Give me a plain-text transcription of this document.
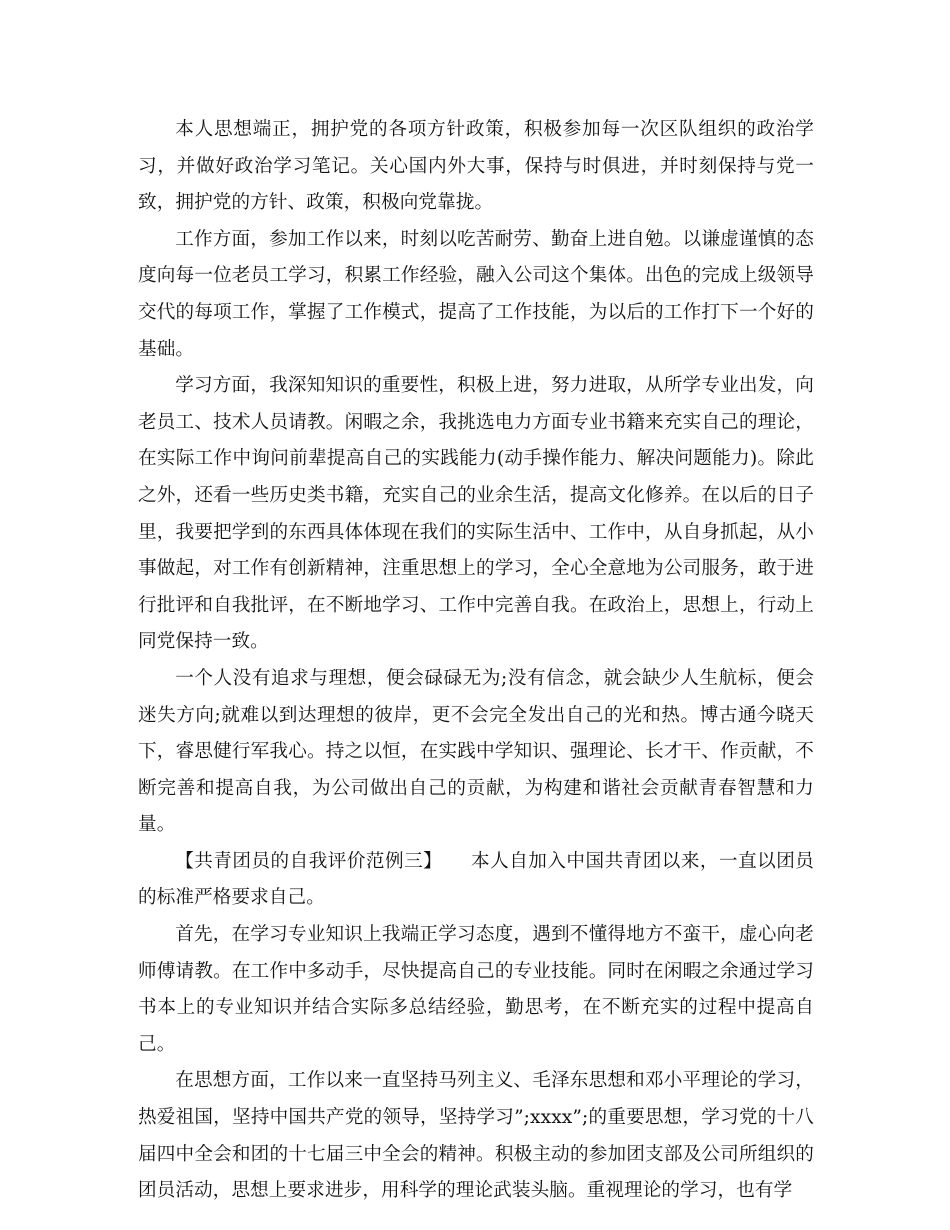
本人思想端正，拥护党的各项方针政策，积极参加每一次区队组织的政治学习，并做好政治学习笔记。关心国内外大事，保持与时俱进，并时刻保持与党一致，拥护党的方针、政策，积极向党靠拢。

工作方面，参加工作以来，时刻以吃苦耐劳、勤奋上进自勉。以谦虚谨慎的态度向每一位老员工学习，积累工作经验，融入公司这个集体。出色的完成上级领导交代的每项工作，掌握了工作模式，提高了工作技能，为以后的工作打下一个好的基础。

学习方面，我深知知识的重要性，积极上进，努力进取，从所学专业出发，向老员工、技术人员请教。闲暇之余，我挑选电力方面专业书籍来充实自己的理论，在实际工作中询问前辈提高自己的实践能力(动手操作能力、解决问题能力)。除此之外，还看一些历史类书籍，充实自己的业余生活，提高文化修养。在以后的日子里，我要把学到的东西具体体现在我们的实际生活中、工作中，从自身抓起，从小事做起，对工作有创新精神，注重思想上的学习，全心全意地为公司服务，敢于进行批评和自我批评，在不断地学习、工作中完善自我。在政治上，思想上，行动上同党保持一致。

一个人没有追求与理想，便会碌碌无为;没有信念，就会缺少人生航标，便会迷失方向;就难以到达理想的彼岸，更不会完全发出自己的光和热。博古通今晓天下，睿思健行军我心。持之以恒，在实践中学知识、强理论、长才干、作贡献，不断完善和提高自我，为公司做出自己的贡献，为构建和谐社会贡献青春智慧和力量。

【共青团员的自我评价范例三】　　本人自加入中国共青团以来，一直以团员的标准严格要求自己。

首先，在学习专业知识上我端正学习态度，遇到不懂得地方不蛮干，虚心向老师傅请教。在工作中多动手，尽快提高自己的专业技能。同时在闲暇之余通过学习书本上的专业知识并结合实际多总结经验，勤思考，在不断充实的过程中提高自己。

在思想方面，工作以来一直坚持马列主义、毛泽东思想和邓小平理论的学习，热爱祖国，坚持中国共产党的领导，坚持学习”;xxxx”;的重要思想，学习党的十八届四中全会和团的十七届三中全会的精神。积极主动的参加团支部及公司所组织的团员活动，思想上要求进步，用科学的理论武装头脑。重视理论的学习，也有学
